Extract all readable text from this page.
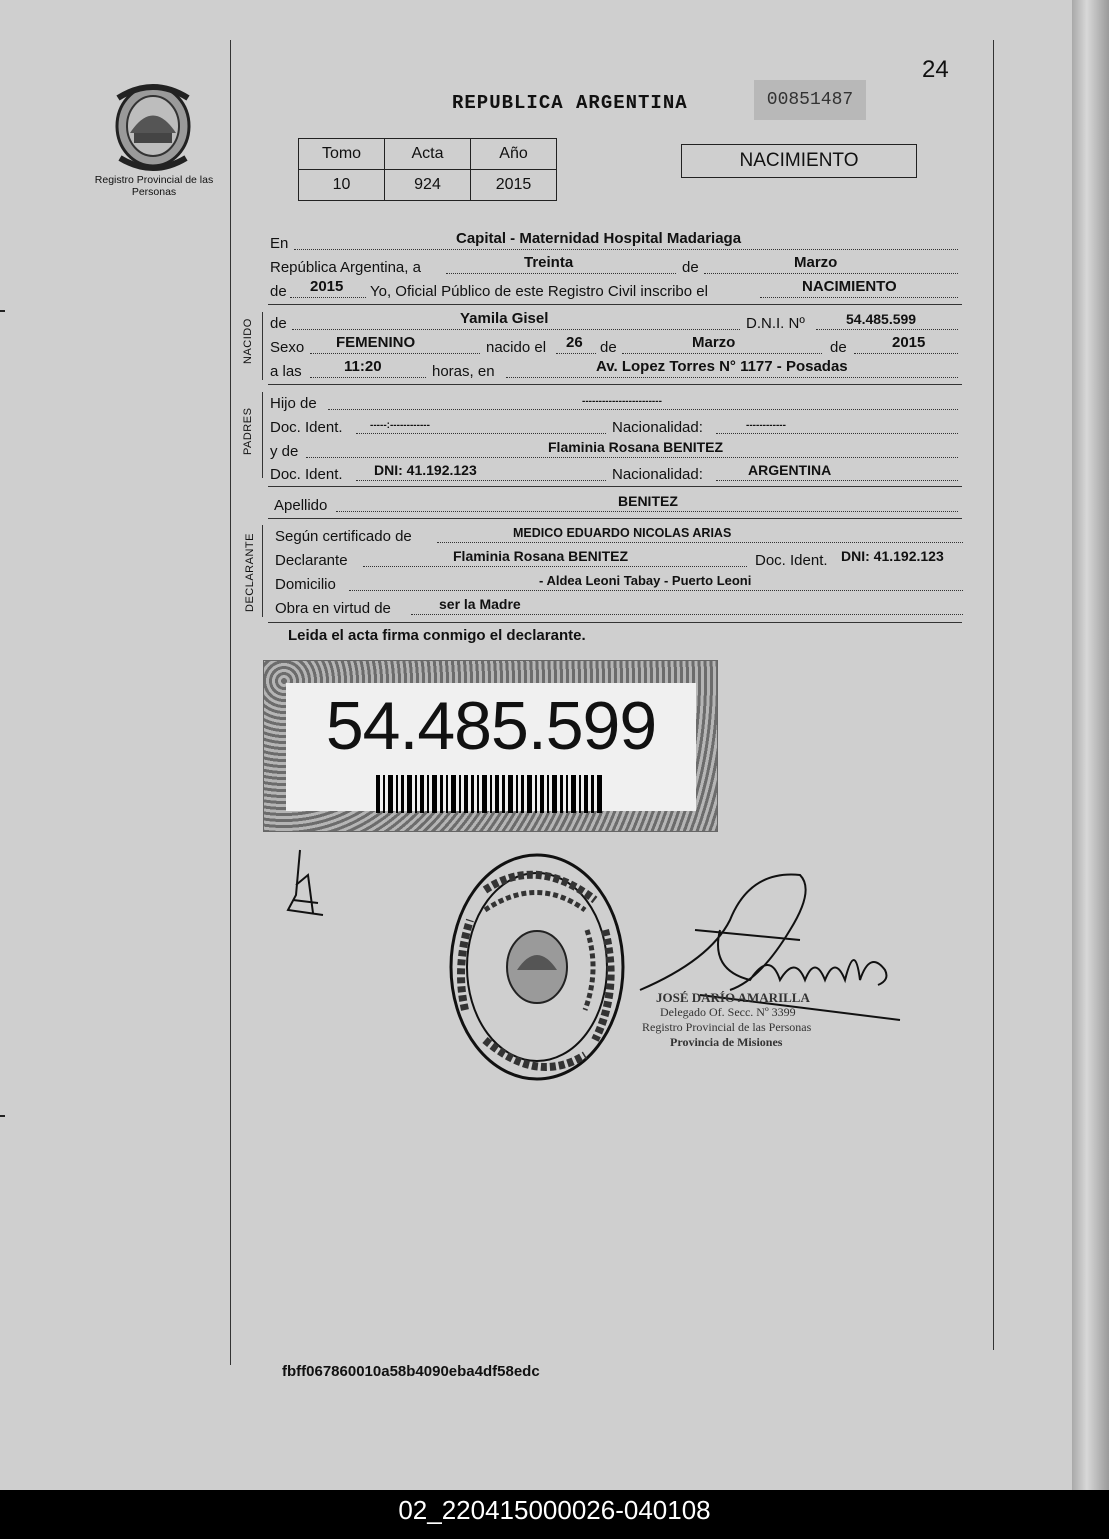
24
Registro Provincial de las Personas
REPUBLICA ARGENTINA	00851487
Tomo	Acta	Año
10	924	2015
NACIMIENTO
En	Capital - Maternidad Hospital Madariaga
República Argentina, a	Treinta	de	Marzo
de 2015 Yo, Oficial Público de este Registro Civil inscribo el	NACIMIENTO
de	Yamila Gisel	D.N.I. Nº	54.485.599
Sexo FEMENINO	nacido el 26 de	Marzo	de	2015
a las	11:20	horas, en	Av. Lopez Torres N° 1177 - Posadas
Hijo de	------------------------
Doc. Ident.	-----:------------	Nacionalidad:	------------
y de	Flaminia Rosana BENITEZ
Doc. Ident. DNI: 41.192.123	Nacionalidad:	ARGENTINA
Apellido	BENITEZ
Según certificado de	MEDICO EDUARDO NICOLAS ARIAS
Declarante	Flaminia Rosana BENITEZ	Doc. Ident. DNI: 41.192.123
Domicilio	- Aldea Leoni Tabay - Puerto Leoni
Obra en virtud de	ser la Madre
NACIDO
PADRES
DECLARANTE
Leida el acta firma conmigo el declarante.
54.485.599
JOSÉ DARÍO AMARILLA
Delegado Of. Secc. Nº 3399
Registro Provincial de las Personas
Provincia de Misiones
fbff067860010a58b4090eba4df58edc
02_220415000026-040108
